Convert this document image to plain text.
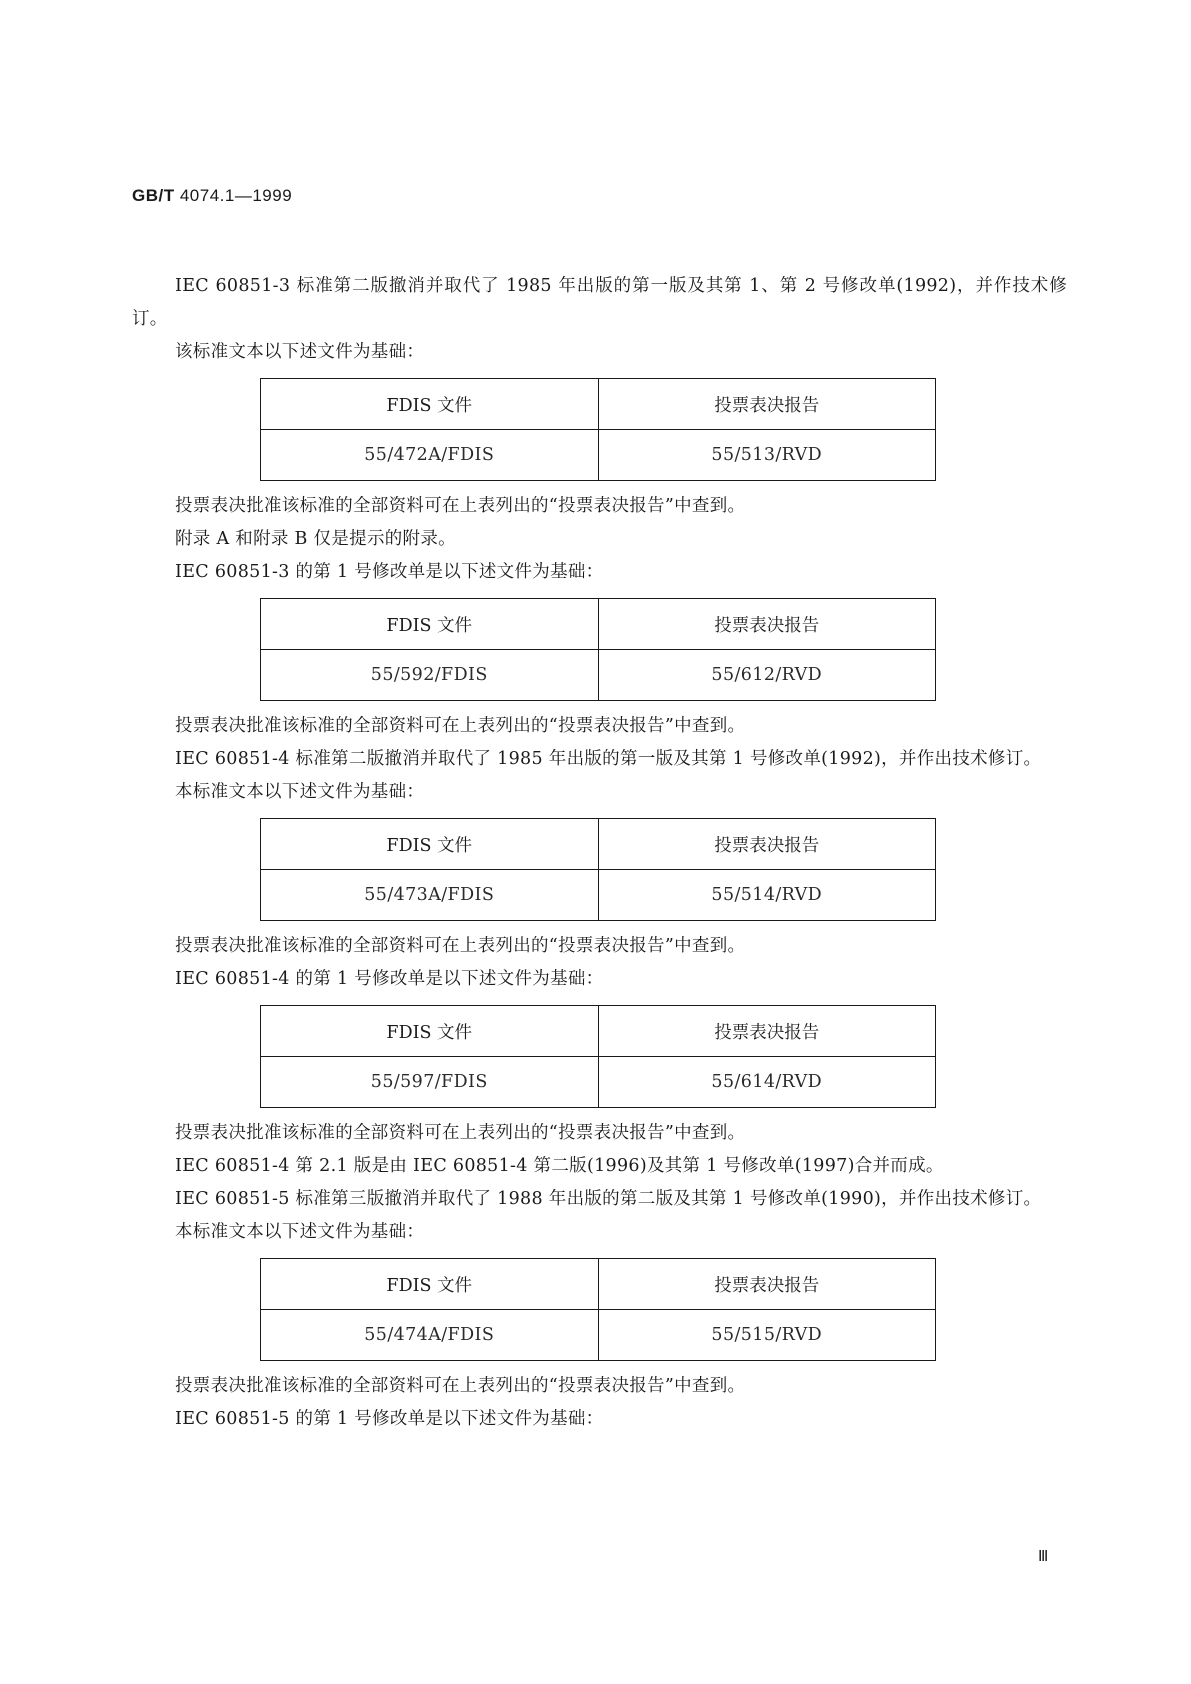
GB/T 4074.1—1999

IEC 60851-3 标准第二版撤消并取代了 1985 年出版的第一版及其第 1、第 2 号修改单(1992)，并作技术修订。

该标准文本以下述文件为基础：

FDIS 文件	投票表决报告
55/472A/FDIS	55/513/RVD

投票表决批准该标准的全部资料可在上表列出的“投票表决报告”中查到。

附录 A 和附录 B 仅是提示的附录。

IEC 60851-3 的第 1 号修改单是以下述文件为基础：

FDIS 文件	投票表决报告
55/592/FDIS	55/612/RVD

投票表决批准该标准的全部资料可在上表列出的“投票表决报告”中查到。

IEC 60851-4 标准第二版撤消并取代了 1985 年出版的第一版及其第 1 号修改单(1992)，并作出技术修订。

本标准文本以下述文件为基础：

FDIS 文件	投票表决报告
55/473A/FDIS	55/514/RVD

投票表决批准该标准的全部资料可在上表列出的“投票表决报告”中查到。

IEC 60851-4 的第 1 号修改单是以下述文件为基础：

FDIS 文件	投票表决报告
55/597/FDIS	55/614/RVD

投票表决批准该标准的全部资料可在上表列出的“投票表决报告”中查到。

IEC 60851-4 第 2.1 版是由 IEC 60851-4 第二版(1996)及其第 1 号修改单(1997)合并而成。

IEC 60851-5 标准第三版撤消并取代了 1988 年出版的第二版及其第 1 号修改单(1990)，并作出技术修订。

本标准文本以下述文件为基础：

FDIS 文件	投票表决报告
55/474A/FDIS	55/515/RVD

投票表决批准该标准的全部资料可在上表列出的“投票表决报告”中查到。

IEC 60851-5 的第 1 号修改单是以下述文件为基础：

Ⅲ
